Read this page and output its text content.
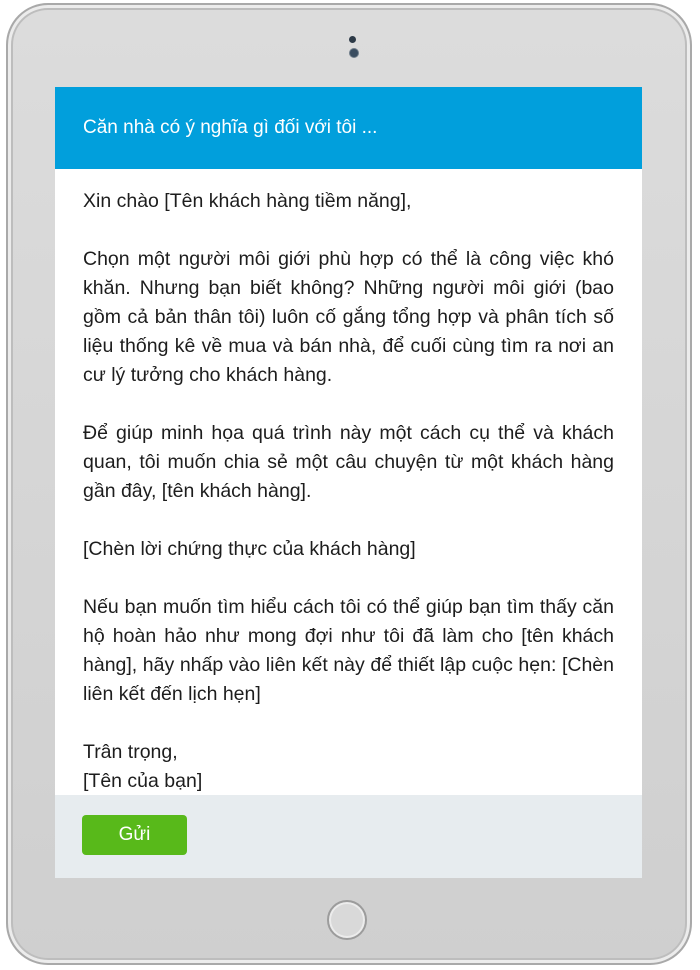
Căn nhà có ý nghĩa gì đối với tôi ...

Xin chào [Tên khách hàng tiềm năng],

Chọn một người môi giới phù hợp có thể là công việc khó khăn. Nhưng bạn biết không? Những người môi giới (bao gồm cả bản thân tôi) luôn cố gắng tổng hợp và phân tích số liệu thống kê về mua và bán nhà, để cuối cùng tìm ra nơi an cư lý tưởng cho khách hàng.

Để giúp minh họa quá trình này một cách cụ thể và khách quan, tôi muốn chia sẻ một câu chuyện từ một khách hàng gần đây, [tên khách hàng].

[Chèn lời chứng thực của khách hàng]

Nếu bạn muốn tìm hiểu cách tôi có thể giúp bạn tìm thấy căn hộ hoàn hảo như mong đợi như tôi đã làm cho [tên khách hàng], hãy nhấp vào liên kết này để thiết lập cuộc hẹn: [Chèn liên kết đến lịch hẹn]

Trân trọng,

[Tên của bạn]

Gửi
